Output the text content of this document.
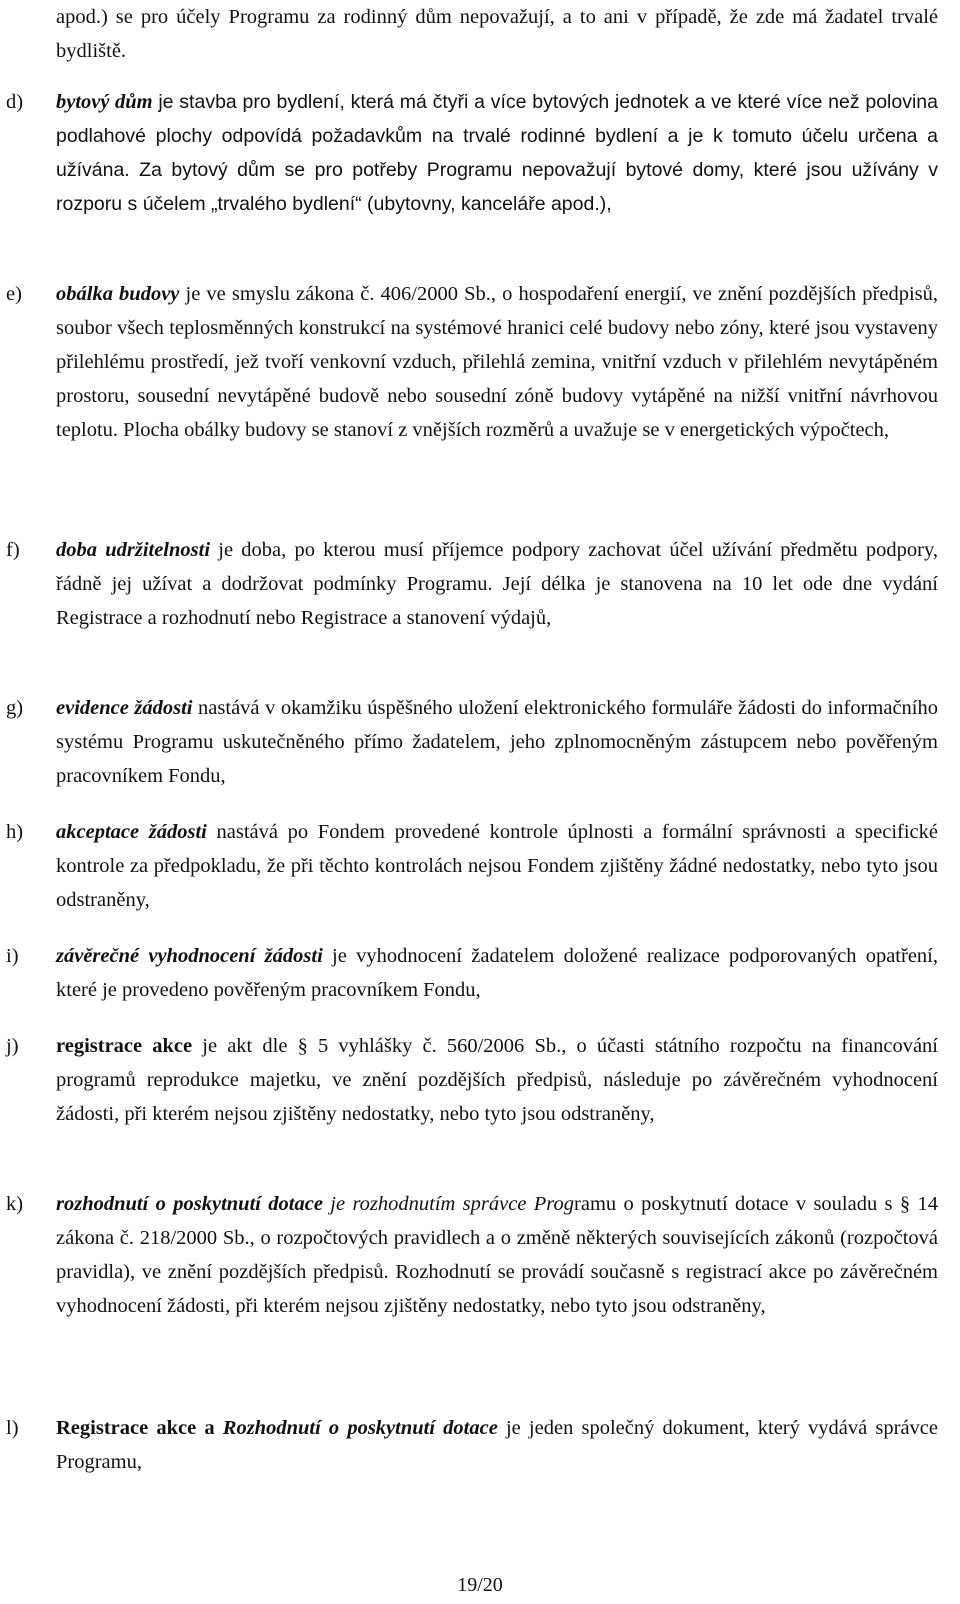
apod.) se pro účely Programu za rodinný dům nepovažují, a to ani v případě, že zde má žadatel trvalé bydliště.
d) bytový dům je stavba pro bydlení, která má čtyři a více bytových jednotek a ve které více než polovina podlahové plochy odpovídá požadavkům na trvalé rodinné bydlení a je k tomuto účelu určena a užívána. Za bytový dům se pro potřeby Programu nepovažují bytové domy, které jsou užívány v rozporu s účelem „trvalého bydlení“ (ubytovny, kanceláře apod.),
e) obálka budovy je ve smyslu zákona č. 406/2000 Sb., o hospodaření energií, ve znění pozdějších předpisů, soubor všech teplosměnných konstrukcí na systémové hranici celé budovy nebo zóny, které jsou vystaveny přilehlému prostředí, jež tvoří venkovní vzduch, přilehlá zemina, vnitřní vzduch v přilehlém nevytápěném prostoru, sousední nevytápěné budově nebo sousední zóně budovy vytápěné na nižší vnitřní návrhovou teplotu. Plocha obálky budovy se stanoví z vnějších rozměrů a uvažuje se v energetických výpočtech,
f) doba udržitelnosti je doba, po kterou musí příjemce podpory zachovat účel užívání předmětu podpory, řádně jej užívat a dodržovat podmínky Programu. Její délka je stanovena na 10 let ode dne vydání Registrace a rozhodnutí nebo Registrace a stanovení výdajů,
g) evidence žádosti nastává v okamžiku úspěšného uložení elektronického formuláře žádosti do informačního systému Programu uskutečněného přímo žadatelem, jeho zplnomocněným zástupcem nebo pověřeným pracovníkem Fondu,
h) akceptace žádosti nastává po Fondem provedené kontrole úplnosti a formální správnosti a specifické kontrole za předpokladu, že při těchto kontrolách nejsou Fondem zjištěny žádné nedostatky, nebo tyto jsou odstraněny,
i) závěrečné vyhodnocení žádosti je vyhodnocení žadatelem doložené realizace podporovaných opatření, které je provedeno pověřeným pracovníkem Fondu,
j) registrace akce je akt dle § 5 vyhlášky č. 560/2006 Sb., o účasti státního rozpočtu na financování programů reprodukce majetku, ve znění pozdějších předpisů, následuje po závěrečném vyhodnocení žádosti, při kterém nejsou zjištěny nedostatky, nebo tyto jsou odstraněny,
k) rozhodnutí o poskytnutí dotace je rozhodnutím správce Programu o poskytnutí dotace v souladu s § 14 zákona č. 218/2000 Sb., o rozpočtových pravidlech a o změně některých souvisejících zákonů (rozpočtová pravidla), ve znění pozdějších předpisů. Rozhodnutí se provádí současně s registrací akce po závěrečném vyhodnocení žádosti, při kterém nejsou zjištěny nedostatky, nebo tyto jsou odstraněny,
l) Registrace akce a Rozhodnutí o poskytnutí dotace je jeden společný dokument, který vydává správce Programu,
19/20
